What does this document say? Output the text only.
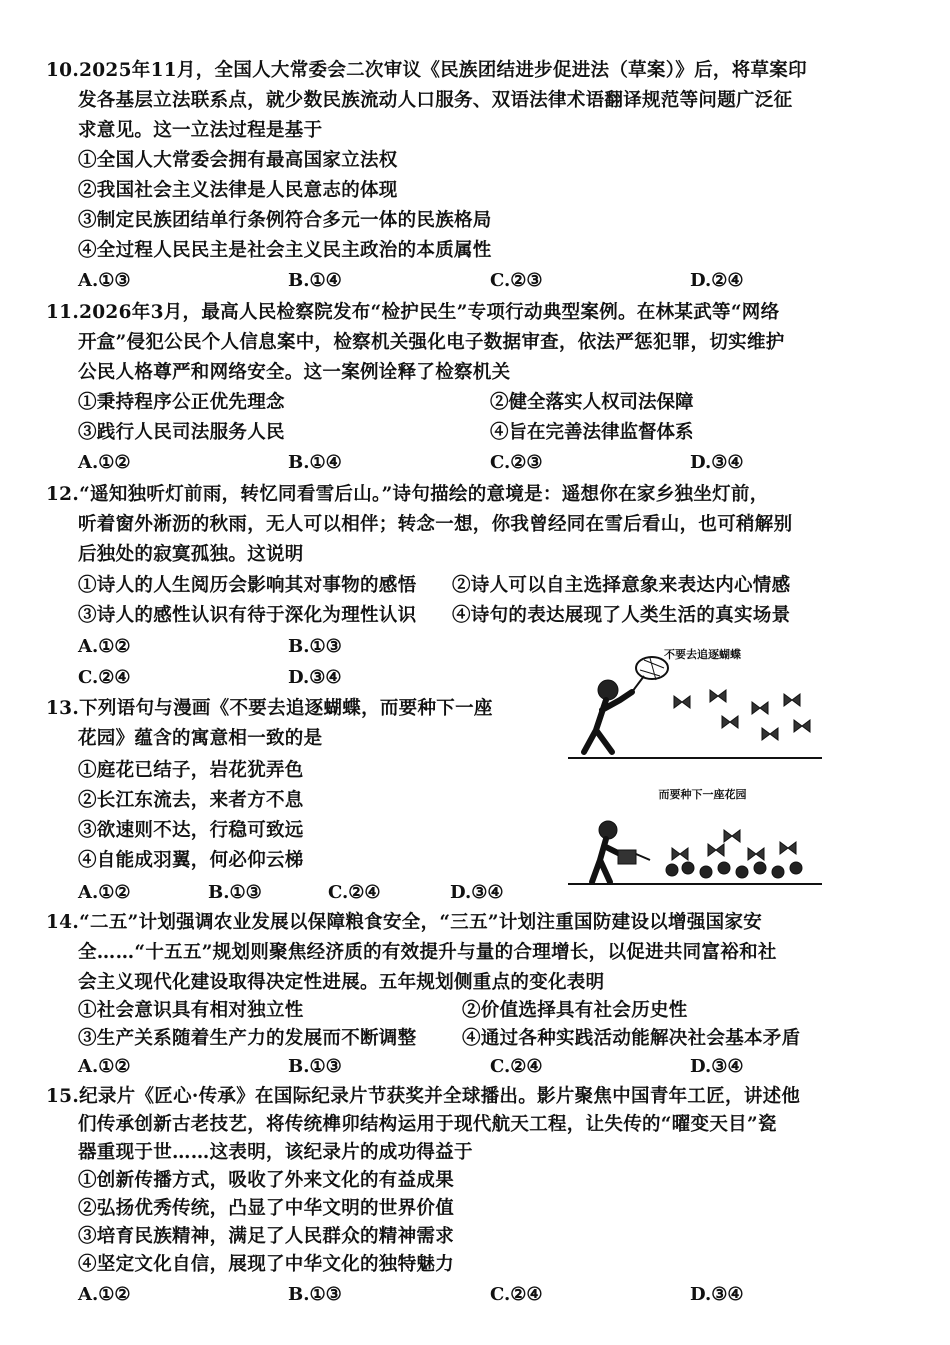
10.2025年11月，全国人大常委会二次审议《民族团结进步促进法（草案）》后，将草案印
发各基层立法联系点，就少数民族流动人口服务、双语法律术语翻译规范等问题广泛征
求意见。这一立法过程是基于
①全国人大常委会拥有最高国家立法权
②我国社会主义法律是人民意志的体现
③制定民族团结单行条例符合多元一体的民族格局
④全过程人民民主是社会主义民主政治的本质属性
A.①③	B.①④	C.②③	D.②④
11.2026年3月，最高人民检察院发布“检护民生”专项行动典型案例。在林某武等“网络
开盒”侵犯公民个人信息案中，检察机关强化电子数据审查，依法严惩犯罪，切实维护
公民人格尊严和网络安全。这一案例诠释了检察机关
①秉持程序公正优先理念	②健全落实人权司法保障
③践行人民司法服务人民	④旨在完善法律监督体系
A.①②	B.①④	C.②③	D.③④
12.“遥知独听灯前雨，转忆同看雪后山。”诗句描绘的意境是：遥想你在家乡独坐灯前，
听着窗外淅沥的秋雨，无人可以相伴；转念一想，你我曾经同在雪后看山，也可稍解别
后独处的寂寞孤独。这说明
①诗人的人生阅历会影响其对事物的感悟 ②诗人可以自主选择意象来表达内心情感
③诗人的感性认识有待于深化为理性认识 ④诗句的表达展现了人类生活的真实场景
A.①②	B.①③
C.②④	D.③④
13.下列语句与漫画《不要去追逐蝴蝶，而要种下一座
花园》蕴含的寓意相一致的是
①庭花已结子，岩花犹弄色
②长江东流去，来者方不息
③欲速则不达，行稳可致远
④自能成羽翼，何必仰云梯
A.①②	B.①③	C.②④	D.③④
不要去追逐蝴蝶
而要种下一座花园
14.“二五”计划强调农业发展以保障粮食安全，“三五”计划注重国防建设以增强国家安
全……“十五五”规划则聚焦经济质的有效提升与量的合理增长，以促进共同富裕和社
会主义现代化建设取得决定性进展。五年规划侧重点的变化表明
①社会意识具有相对独立性	②价值选择具有社会历史性
③生产关系随着生产力的发展而不断调整 ④通过各种实践活动能解决社会基本矛盾
A.①②	B.①③	C.②④	D.③④
15.纪录片《匠心·传承》在国际纪录片节获奖并全球播出。影片聚焦中国青年工匠，讲述他
们传承创新古老技艺，将传统榫卯结构运用于现代航天工程，让失传的“曜变天目”瓷
器重现于世……这表明，该纪录片的成功得益于
①创新传播方式，吸收了外来文化的有益成果
②弘扬优秀传统，凸显了中华文明的世界价值
③培育民族精神，满足了人民群众的精神需求
④坚定文化自信，展现了中华文化的独特魅力
A.①②	B.①③	C.②④	D.③④
